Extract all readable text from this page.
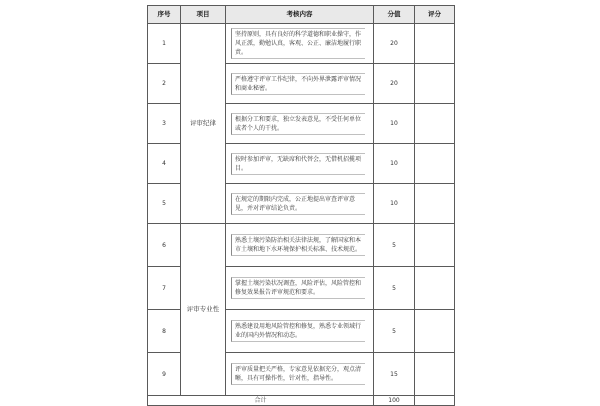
序号	项目	考核内容	分值	评分
1	评审纪律	坚持原则，具有良好的科学道德和职业操守，作风正派，勤勉认真，客观、公正、廉洁地履行职责。	20	
2		严格遵守评审工作纪律，不向外界泄露评审情况和商业秘密。	20	
3		根据分工和要求，独立发表意见，不受任何单位或者个人的干扰。	10	
4		按时参加评审，无缺席和代替会，无借机招揽项目。	10	
5		在规定的期限内完成，公正地提出审查评审意见，并对评审结论负责。	10	
6	评审专业性	熟悉土壤污染防治相关法律法规，了解国家和本市土壤和地下水环境保护相关标准、技术规范。	5	
7		掌握土壤污染状况调查，风险评估，风险管控和修复效果报告评审规范和要求。	5	
8		熟悉建设用地风险管控和修复，熟悉专业领域行业的国内外情况和动态。	5	
9		评审质量把关严格，专家意见依据充分，观点清晰，具有可操作性，针对性，指导性。	15	
合计			100	
